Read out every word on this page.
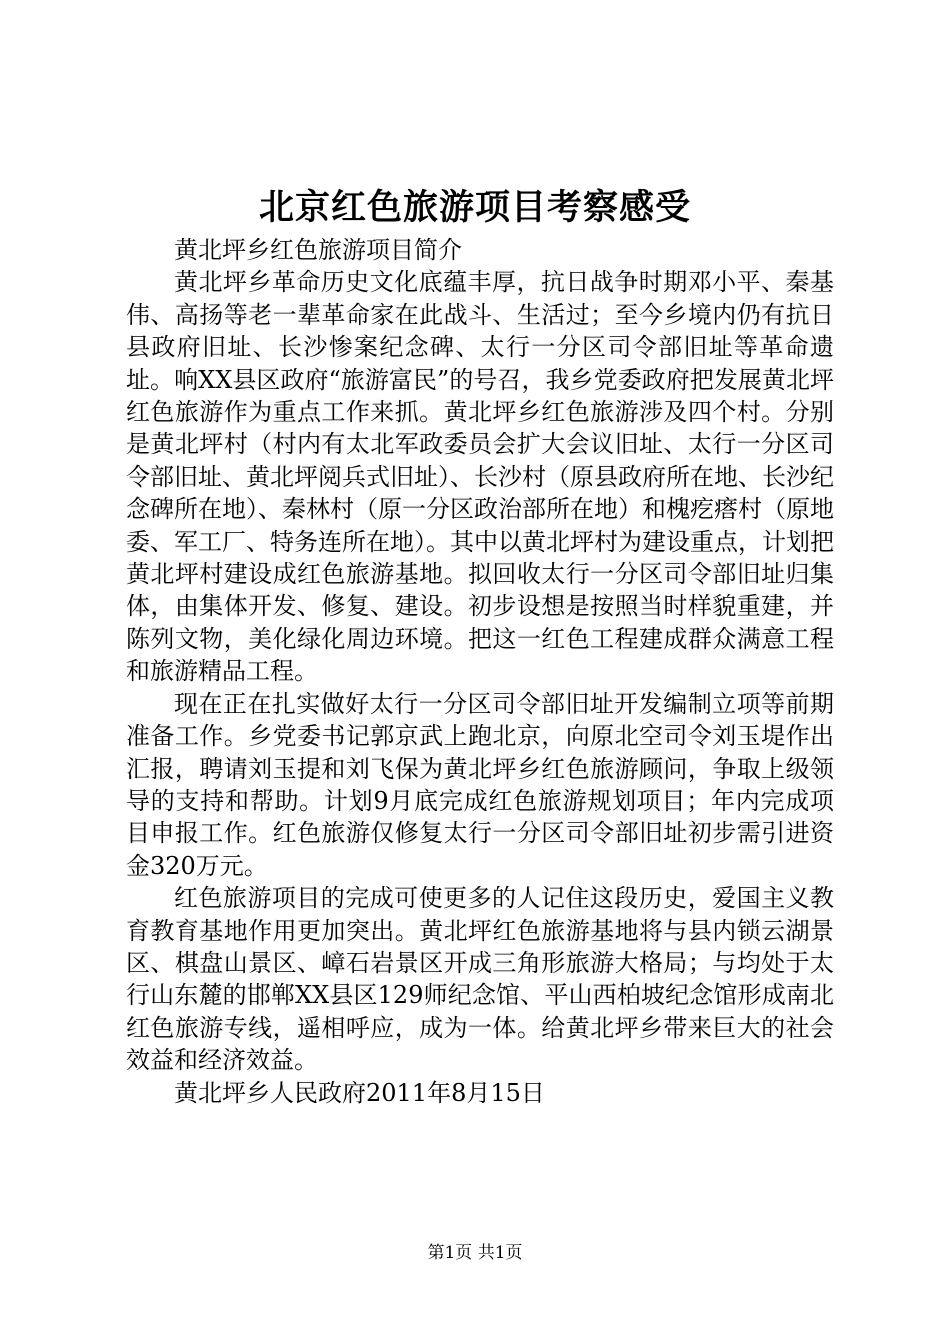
北京红色旅游项目考察感受

黄北坪乡红色旅游项目简介

黄北坪乡革命历史文化底蕴丰厚，抗日战争时期邓小平、秦基伟、高扬等老一辈革命家在此战斗、生活过；至今乡境内仍有抗日县政府旧址、长沙惨案纪念碑、太行一分区司令部旧址等革命遗址。响XX县区政府“旅游富民”的号召，我乡党委政府把发展黄北坪红色旅游作为重点工作来抓。黄北坪乡红色旅游涉及四个村。分别是黄北坪村（村内有太北军政委员会扩大会议旧址、太行一分区司令部旧址、黄北坪阅兵式旧址）、长沙村（原县政府所在地、长沙纪念碑所在地）、秦林村（原一分区政治部所在地）和槐疙瘩村（原地委、军工厂、特务连所在地）。其中以黄北坪村为建设重点，计划把黄北坪村建设成红色旅游基地。拟回收太行一分区司令部旧址归集体，由集体开发、修复、建设。初步设想是按照当时样貌重建，并陈列文物，美化绿化周边环境。把这一红色工程建成群众满意工程和旅游精品工程。

现在正在扎实做好太行一分区司令部旧址开发编制立项等前期准备工作。乡党委书记郭京武上跑北京，向原北空司令刘玉堤作出汇报，聘请刘玉提和刘飞保为黄北坪乡红色旅游顾问，争取上级领导的支持和帮助。计划9月底完成红色旅游规划项目；年内完成项目申报工作。红色旅游仅修复太行一分区司令部旧址初步需引进资金320万元。

红色旅游项目的完成可使更多的人记住这段历史，爱国主义教育教育基地作用更加突出。黄北坪红色旅游基地将与县内锁云湖景区、棋盘山景区、嶂石岩景区开成三角形旅游大格局；与均处于太行山东麓的邯郸XX县区129师纪念馆、平山西柏坡纪念馆形成南北红色旅游专线，遥相呼应，成为一体。给黄北坪乡带来巨大的社会效益和经济效益。

黄北坪乡人民政府2011年8月15日

第1页 共1页
